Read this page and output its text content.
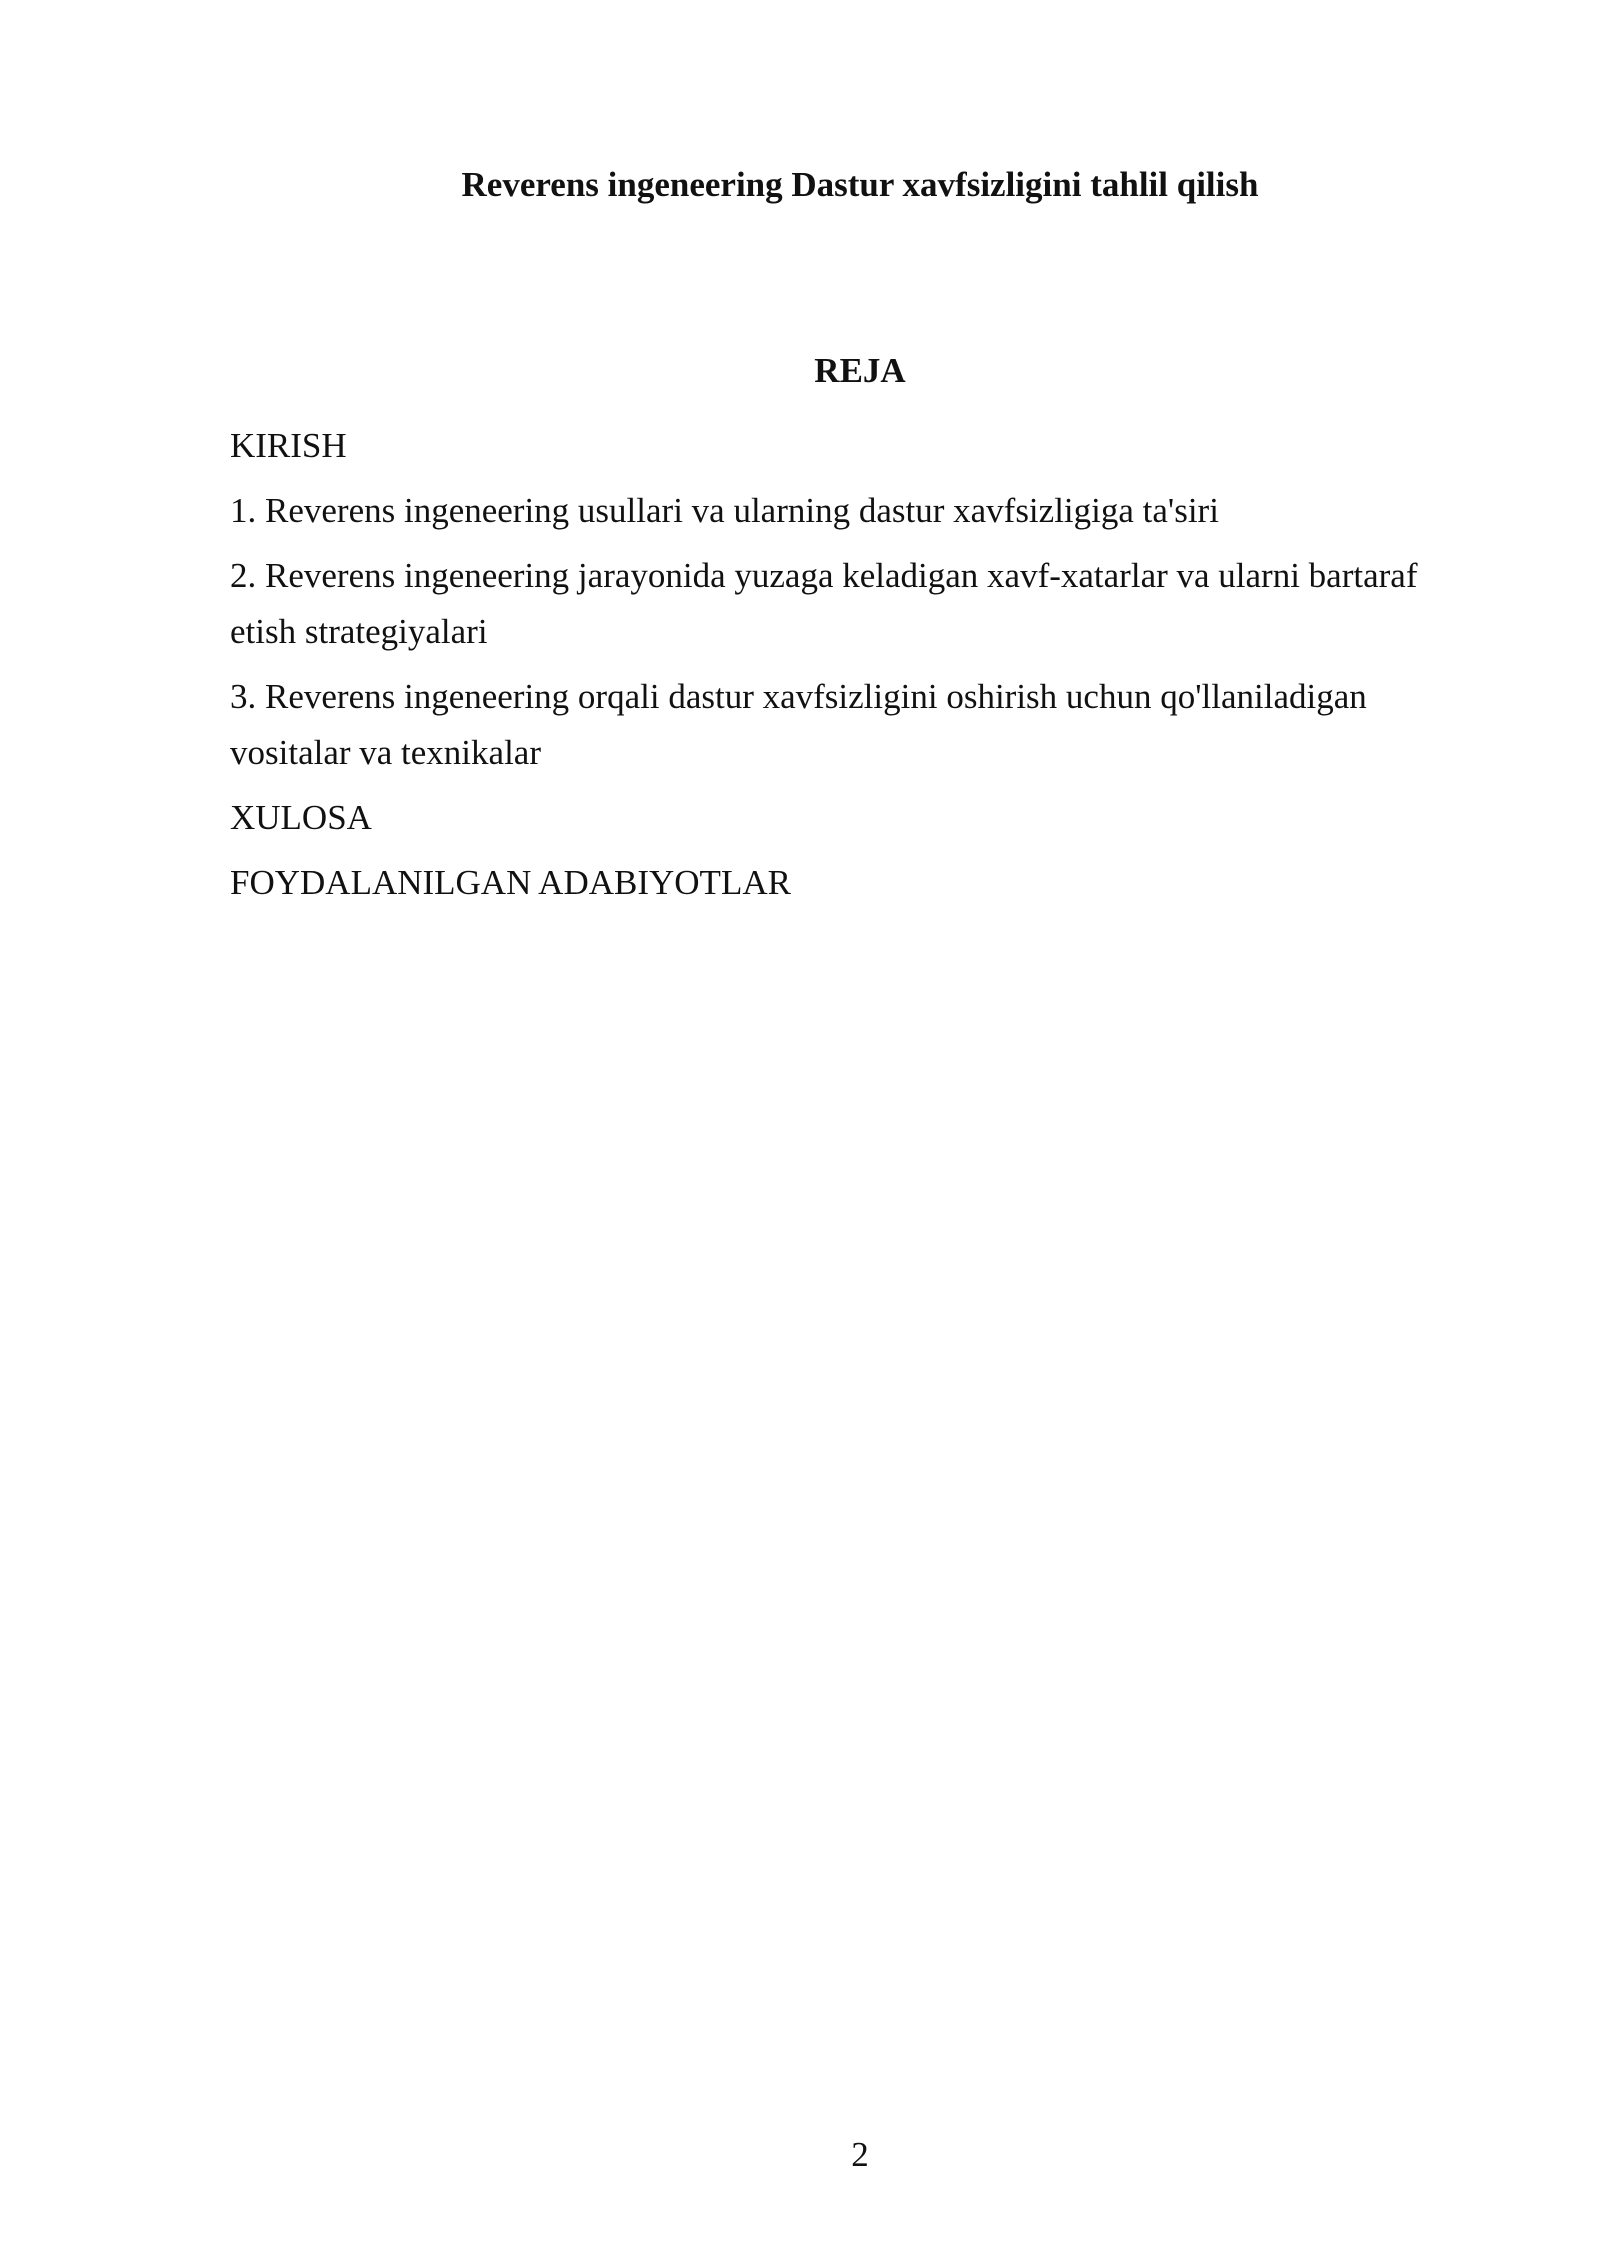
Reverens ingeneering Dastur xavfsizligini tahlil qilish
REJA
KIRISH
1. Reverens ingeneering usullari va ularning dastur xavfsizligiga ta'siri
2. Reverens ingeneering jarayonida yuzaga keladigan xavf-xatarlar va ularni bartaraf etish strategiyalari
3. Reverens ingeneering orqali dastur xavfsizligini oshirish uchun qo'llaniladigan vositalar va texnikalar
XULOSA
FOYDALANILGAN ADABIYOTLAR
2
